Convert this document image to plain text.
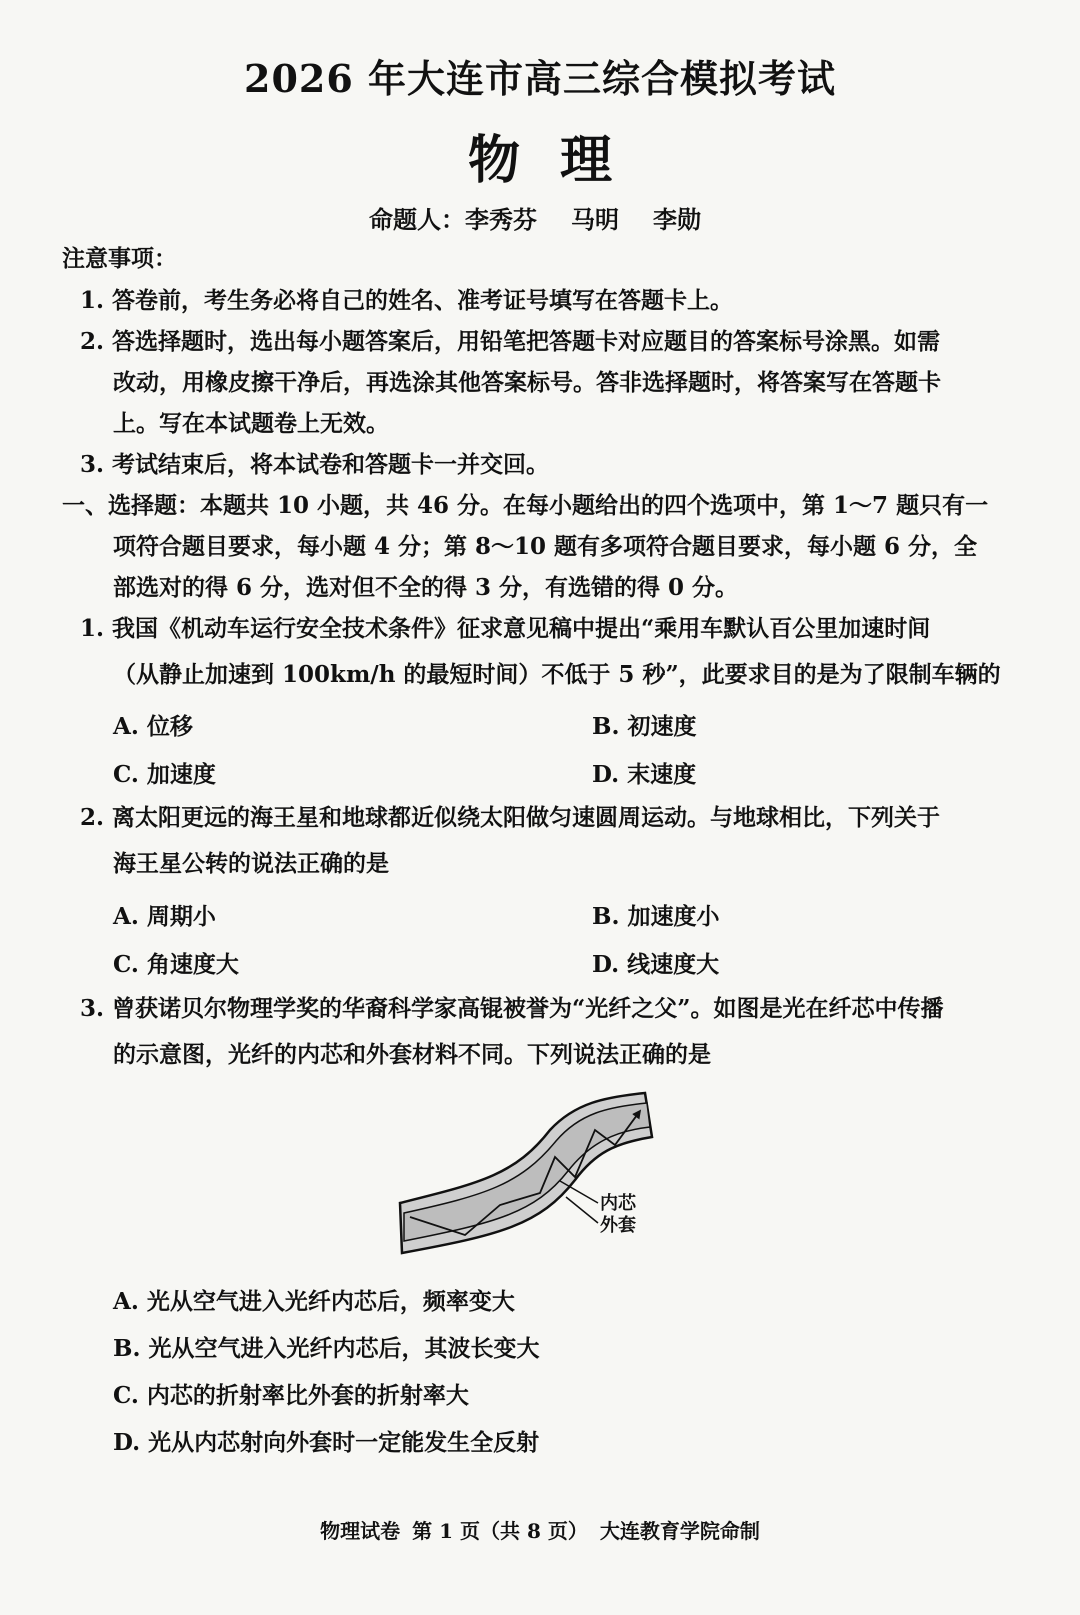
2026 年大连市高三综合模拟考试
物理
命题人：李秀芬 马明 李勋
注意事项：
1. 答卷前，考生务必将自己的姓名、准考证号填写在答题卡上。
2. 答选择题时，选出每小题答案后，用铅笔把答题卡对应题目的答案标号涂黑。如需
改动，用橡皮擦干净后，再选涂其他答案标号。答非选择题时，将答案写在答题卡
上。写在本试题卷上无效。
3. 考试结束后，将本试卷和答题卡一并交回。
一、选择题：本题共 10 小题，共 46 分。在每小题给出的四个选项中，第 1～7 题只有一
项符合题目要求，每小题 4 分；第 8～10 题有多项符合题目要求，每小题 6 分，全
部选对的得 6 分，选对但不全的得 3 分，有选错的得 0 分。
1. 我国《机动车运行安全技术条件》征求意见稿中提出“乘用车默认百公里加速时间
（从静止加速到 100km/h 的最短时间）不低于 5 秒”，此要求目的是为了限制车辆的
A. 位移	B. 初速度
C. 加速度	D. 末速度
2. 离太阳更远的海王星和地球都近似绕太阳做匀速圆周运动。与地球相比，下列关于
海王星公转的说法正确的是
A. 周期小	B. 加速度小
C. 角速度大	D. 线速度大
3. 曾获诺贝尔物理学奖的华裔科学家高锟被誉为“光纤之父”。如图是光在纤芯中传播
的示意图，光纤的内芯和外套材料不同。下列说法正确的是
内芯
外套
A. 光从空气进入光纤内芯后，频率变大
B. 光从空气进入光纤内芯后，其波长变大
C. 内芯的折射率比外套的折射率大
D. 光从内芯射向外套时一定能发生全反射
物理试卷 第 1 页（共 8 页） 大连教育学院命制
